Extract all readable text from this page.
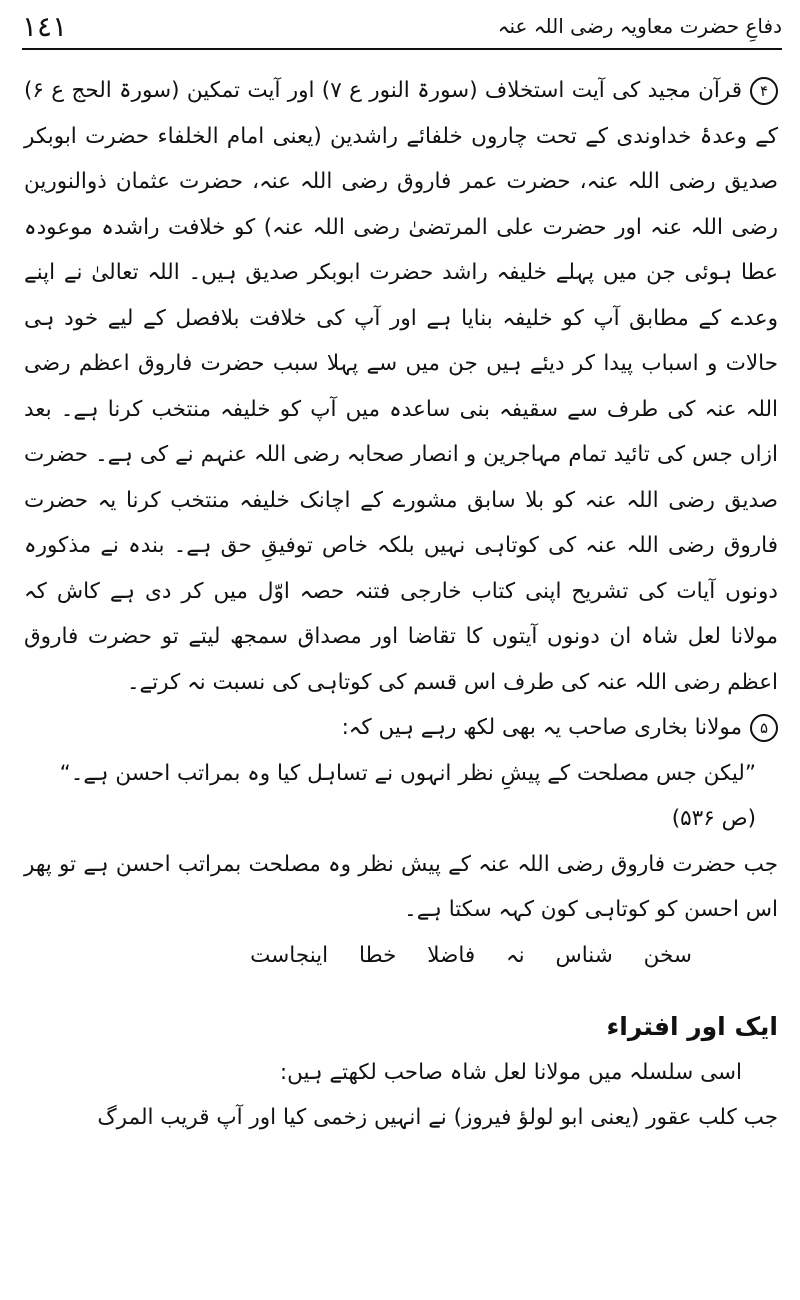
١٤١	دفاعِ حضرت معاویہ رضی اللہ عنہ

۴قرآن مجید کی آیت استخلاف (سورۃ النور ع ۷) اور آیت تمکین (سورۃ الحج ع ۶) کے وعدۂ خداوندی کے تحت چاروں خلفائے راشدین (یعنی امام الخلفاء حضرت ابوبکر صدیق رضی اللہ عنہ، حضرت عمر فاروق رضی اللہ عنہ، حضرت عثمان ذوالنورین رضی اللہ عنہ اور حضرت علی المرتضیٰ رضی اللہ عنہ) کو خلافت راشدہ موعودہ عطا ہوئی جن میں پہلے خلیفہ راشد حضرت ابوبکر صدیق ہیں۔ اللہ تعالیٰ نے اپنے وعدے کے مطابق آپ کو خلیفہ بنایا ہے اور آپ کی خلافت بلافصل کے لیے خود ہی حالات و اسباب پیدا کر دیئے ہیں جن میں سے پہلا سبب حضرت فاروق اعظم رضی اللہ عنہ کی طرف سے سقیفہ بنی ساعدہ میں آپ کو خلیفہ منتخب کرنا ہے۔ بعد ازاں جس کی تائید تمام مہاجرین و انصار صحابہ رضی اللہ عنہم نے کی ہے۔ حضرت صدیق رضی اللہ عنہ کو بلا سابق مشورے کے اچانک خلیفہ منتخب کرنا یہ حضرت فاروق رضی اللہ عنہ کی کوتاہی نہیں بلکہ خاص توفیقِ حق ہے۔ بندہ نے مذکورہ دونوں آیات کی تشریح اپنی کتاب خارجی فتنہ حصہ اوّل میں کر دی ہے کاش کہ مولانا لعل شاہ ان دونوں آیتوں کا تقاضا اور مصداق سمجھ لیتے تو حضرت فاروق اعظم رضی اللہ عنہ کی طرف اس قسم کی کوتاہی کی نسبت نہ کرتے۔

۵مولانا بخاری صاحب یہ بھی لکھ رہے ہیں کہ:

”لیکن جس مصلحت کے پیشِ نظر انہوں نے تساہل کیا وہ بمراتب احسن ہے۔“

(ص ۵۳۶)

جب حضرت فاروق رضی اللہ عنہ کے پیش نظر وہ مصلحت بمراتب احسن ہے تو پھر اس احسن کو کوتاہی کون کہہ سکتا ہے۔

سخن شناس نہ فاضلا خطا اینجاست

ایک اور افتراء

اسی سلسلہ میں مولانا لعل شاہ صاحب لکھتے ہیں:

جب کلب عقور (یعنی ابو لولؤ فیروز) نے انہیں زخمی کیا اور آپ قریب المرگ
